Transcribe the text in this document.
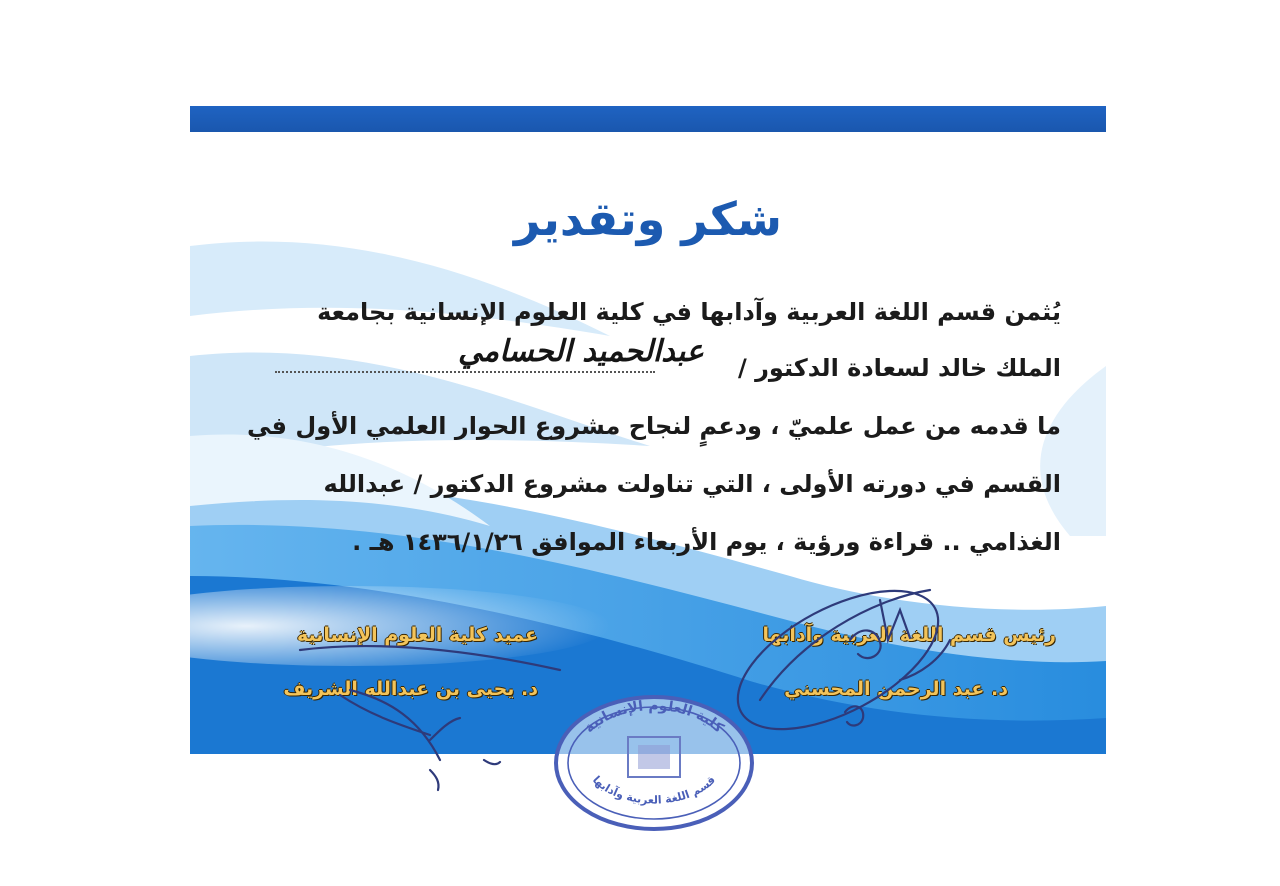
شكر وتقدير
يُثمن قسم اللغة العربية وآدابها في كلية العلوم الإنسانية بجامعة
الملك خالد لسعادة الدكتور /
عبدالحميد الحسامي
ما قدمه من عمل علميّ ، ودعمٍ لنجاح مشروع الحوار العلمي الأول في
القسم في دورته الأولى ، التي تناولت مشروع الدكتور / عبدالله
الغذامي .. قراءة ورؤية ، يوم الأربعاء الموافق ١٤٣٦/١/٢٦ هـ .
رئيس قسم اللغة العربية وآدابها
د. عبد الرحمن المحسني
عميد كلية العلوم الإنسانية
د. يحيى بن عبدالله الشريف
كلية العلوم الإنسانية
قسم اللغة العربية وآدابها
